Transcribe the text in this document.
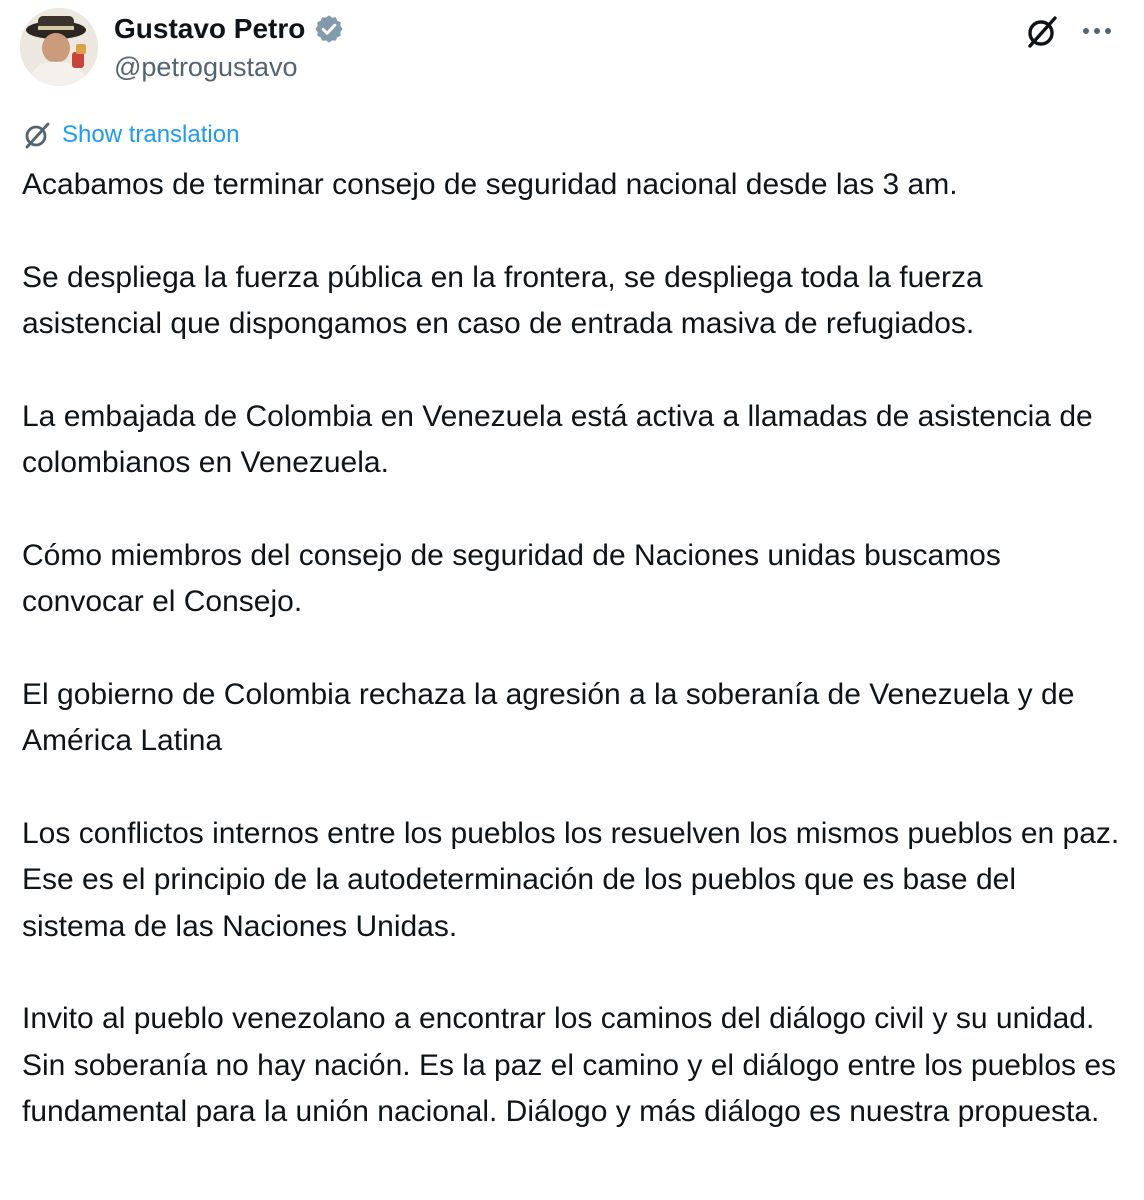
Gustavo Petro
@petrogustavo
Show translation

Acabamos de terminar consejo de seguridad nacional desde las 3 am.

Se despliega la fuerza pública en la frontera, se despliega toda la fuerza asistencial que dispongamos en caso de entrada masiva de refugiados.

La embajada de Colombia en Venezuela está activa a llamadas de asistencia de colombianos en Venezuela.

Cómo miembros del consejo de seguridad de Naciones unidas buscamos convocar el Consejo.

El gobierno de Colombia rechaza la agresión a la soberanía de Venezuela y de América Latina

Los conflictos internos entre los pueblos los resuelven los mismos pueblos en paz. Ese es el principio de la autodeterminación de los pueblos que es base del sistema de las Naciones Unidas.

Invito al pueblo venezolano a encontrar los caminos del diálogo civil y su unidad. Sin soberanía no hay nación. Es la paz el camino y el diálogo entre los pueblos es fundamental para la unión nacional. Diálogo y más diálogo es nuestra propuesta.
